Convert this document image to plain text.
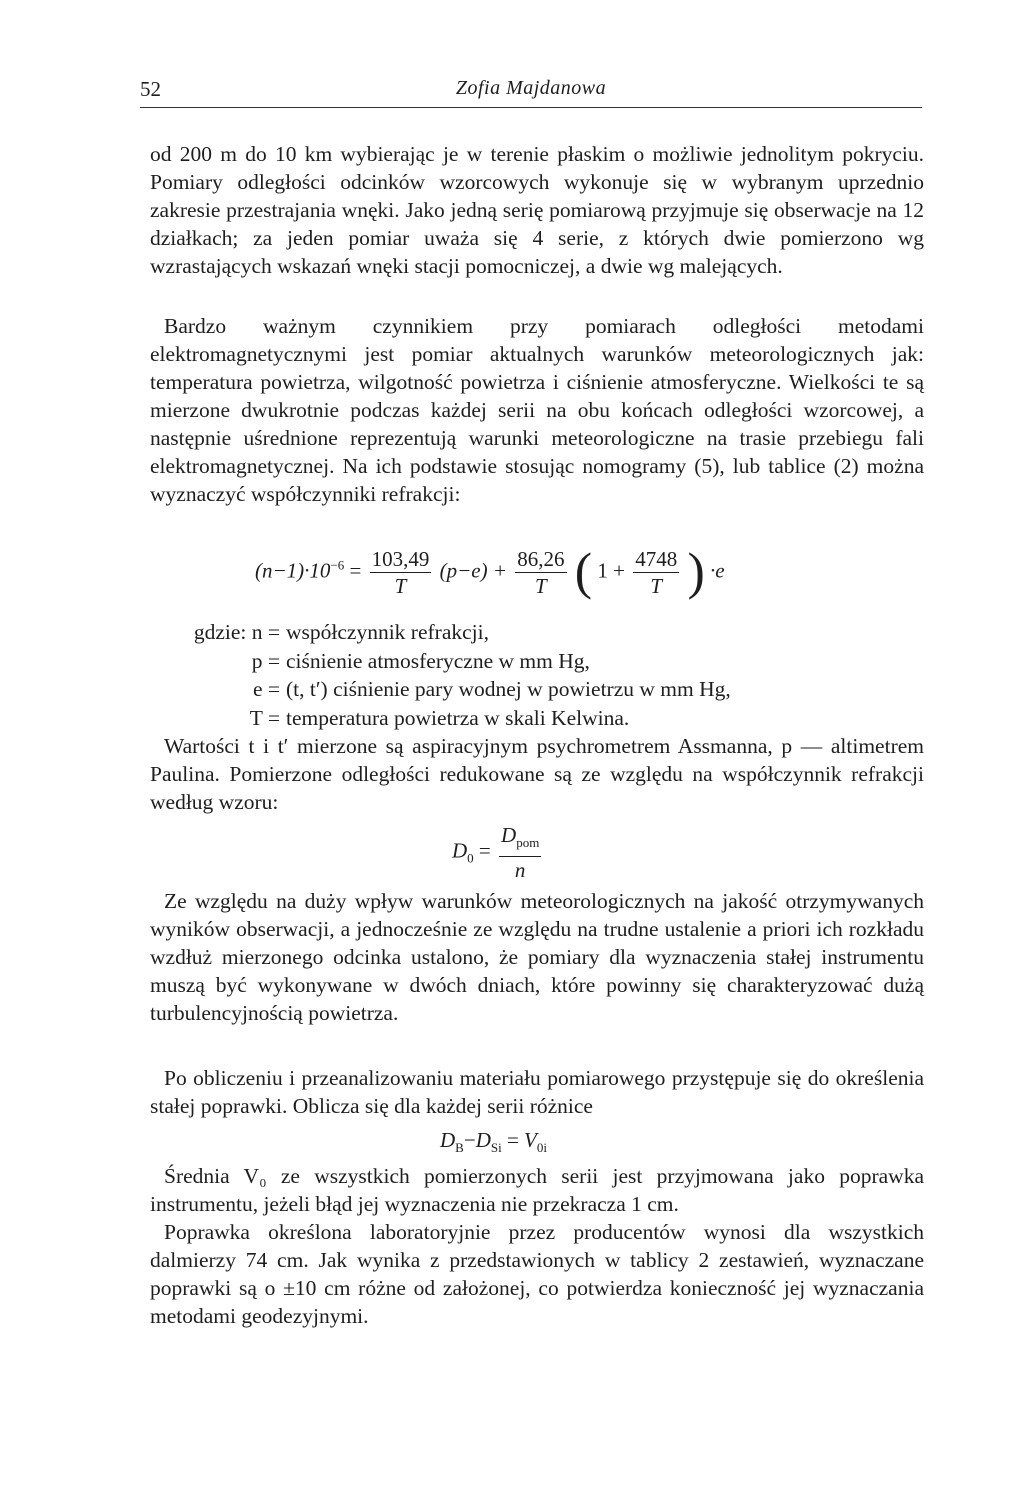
52	Zofia Majdanowa

od 200 m do 10 km wybierając je w terenie płaskim o możliwie jednolitym pokryciu. Pomiary odległości odcinków wzorcowych wykonuje się w wybranym uprzednio zakresie przestrajania wnęki. Jako jedną serię pomiarową przyjmuje się obserwacje na 12 działkach; za jeden pomiar uważa się 4 serie, z których dwie pomierzono wg wzrastających wskazań wnęki stacji pomocniczej, a dwie wg malejących.

Bardzo ważnym czynnikiem przy pomiarach odległości metodami elektromagnetycznymi jest pomiar aktualnych warunków meteorologicznych jak: temperatura powietrza, wilgotność powietrza i ciśnienie atmosferyczne. Wielkości te są mierzone dwukrotnie podczas każdej serii na obu końcach odległości wzorcowej, a następnie uśrednione reprezentują warunki meteorologiczne na trasie przebiegu fali elektromagnetycznej. Na ich podstawie stosując nomogramy (5), lub tablice (2) można wyznaczyć współczynniki refrakcji:

$(n-1)\cdot 10^{-6} = \frac{103,49}{T} (p-e) + \frac{86,26}{T}$ ( $1 + \frac{4748}{T}$ ) ·e
gdzie: n = współczynnik refrakcji,
p = ciśnienie atmosferyczne w mm Hg,
e = (t, t′) ciśnienie pary wodnej w powietrzu w mm Hg,
T = temperatura powietrza w skali Kelwina.

Wartości t i t′ mierzone są aspiracyjnym psychrometrem Assmanna, p — altimetrem Paulina. Pomierzone odległości redukowane są ze względu na współczynnik refrakcji według wzoru:

$D_0 = \frac{D_{pom}}{n}$

Ze względu na duży wpływ warunków meteorologicznych na jakość otrzymywanych wyników obserwacji, a jednocześnie ze względu na trudne ustalenie a priori ich rozkładu wzdłuż mierzonego odcinka ustalono, że pomiary dla wyznaczenia stałej instrumentu muszą być wykonywane w dwóch dniach, które powinny się charakteryzować dużą turbulencyjnością powietrza.

Po obliczeniu i przeanalizowaniu materiału pomiarowego przystępuje się do określenia stałej poprawki. Oblicza się dla każdej serii różnice

$D_B-D_{Si} = V_{0i}$

Średnia V₀ ze wszystkich pomierzonych serii jest przyjmowana jako poprawka instrumentu, jeżeli błąd jej wyznaczenia nie przekracza 1 cm.

Poprawka określona laboratoryjnie przez producentów wynosi dla wszystkich dalmierzy 74 cm. Jak wynika z przedstawionych w tablicy 2 zestawień, wyznaczane poprawki są o ±10 cm różne od założonej, co potwierdza konieczność jej wyznaczania metodami geodezyjnymi.
